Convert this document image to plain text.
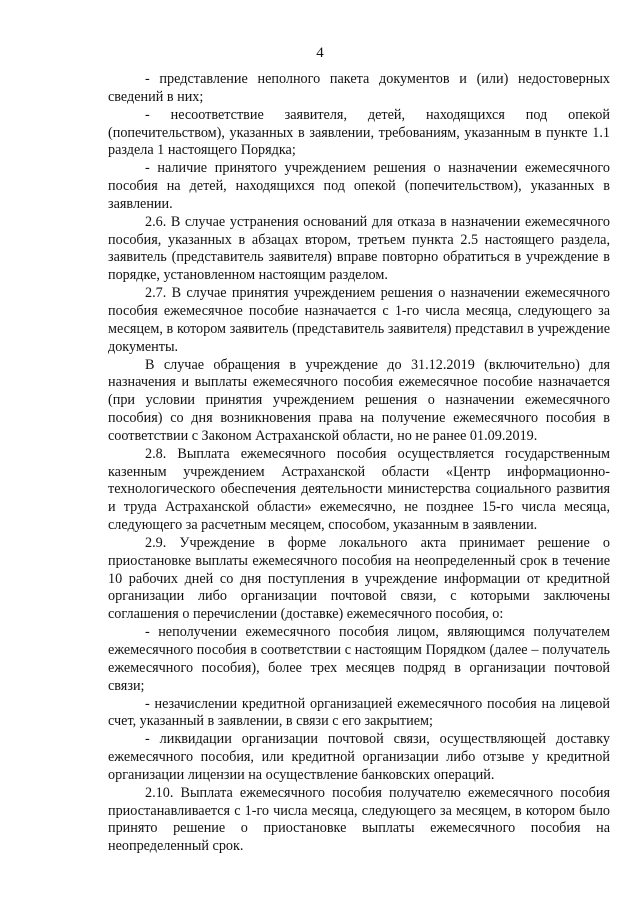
4

- представление неполного пакета документов и (или) недостоверных сведений в них;

- несоответствие заявителя, детей, находящихся под опекой (попечительством), указанных в заявлении, требованиям, указанным в пункте 1.1 раздела 1 настоящего Порядка;

- наличие принятого учреждением решения о назначении ежемесячного пособия на детей, находящихся под опекой (попечительством), указанных в заявлении.

2.6. В случае устранения оснований для отказа в назначении ежемесячного пособия, указанных в абзацах втором, третьем пункта 2.5 настоящего раздела, заявитель (представитель заявителя) вправе повторно обратиться в учреждение в порядке, установленном настоящим разделом.

2.7. В случае принятия учреждением решения о назначении ежемесячного пособия ежемесячное пособие назначается с 1-го числа месяца, следующего за месяцем, в котором заявитель (представитель заявителя) представил в учреждение документы.

В случае обращения в учреждение до 31.12.2019 (включительно) для назначения и выплаты ежемесячного пособия ежемесячное пособие назначается (при условии принятия учреждением решения о назначении ежемесячного пособия) со дня возникновения права на получение ежемесячного пособия в соответствии с Законом Астраханской области, но не ранее 01.09.2019.

2.8. Выплата ежемесячного пособия осуществляется государственным казенным учреждением Астраханской области «Центр информационно-технологического обеспечения деятельности министерства социального развития и труда Астраханской области» ежемесячно, не позднее 15-го числа месяца, следующего за расчетным месяцем, способом, указанным в заявлении.

2.9. Учреждение в форме локального акта принимает решение о приостановке выплаты ежемесячного пособия на неопределенный срок в течение 10 рабочих дней со дня поступления в учреждение информации от кредитной организации либо организации почтовой связи, с которыми заключены соглашения о перечислении (доставке) ежемесячного пособия, о:

- неполучении ежемесячного пособия лицом, являющимся получателем ежемесячного пособия в соответствии с настоящим Порядком (далее – получатель ежемесячного пособия), более трех месяцев подряд в организации почтовой связи;

- незачислении кредитной организацией ежемесячного пособия на лицевой счет, указанный в заявлении, в связи с его закрытием;

- ликвидации организации почтовой связи, осуществляющей доставку ежемесячного пособия, или кредитной организации либо отзыве у кредитной организации лицензии на осуществление банковских операций.

2.10. Выплата ежемесячного пособия получателю ежемесячного пособия приостанавливается с 1-го числа месяца, следующего за месяцем, в котором было принято решение о приостановке выплаты ежемесячного пособия на неопределенный срок.
